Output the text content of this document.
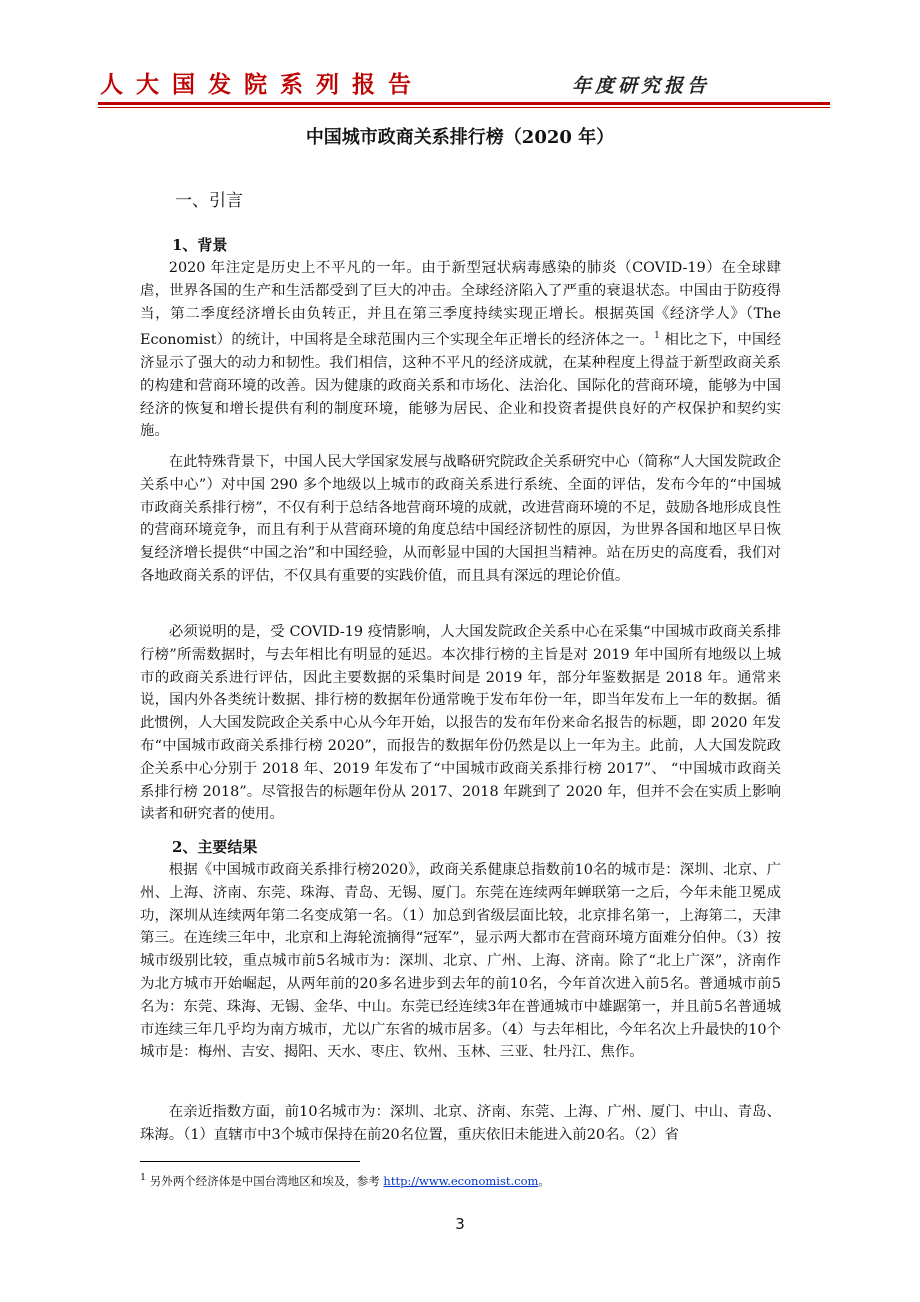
人大国发院系列报告	年度研究报告
中国城市政商关系排行榜（2020 年）
一、引言
1、背景

2020 年注定是历史上不平凡的一年。由于新型冠状病毒感染的肺炎（COVID-19）在全球肆虐，世界各国的生产和生活都受到了巨大的冲击。全球经济陷入了严重的衰退状态。中国由于防疫得当，第二季度经济增长由负转正，并且在第三季度持续实现正增长。根据英国《经济学人》（The Economist）的统计，中国将是全球范围内三个实现全年正增长的经济体之一。$^1$ 相比之下，中国经济显示了强大的动力和韧性。我们相信，这种不平凡的经济成就，在某种程度上得益于新型政商关系的构建和营商环境的改善。因为健康的政商关系和市场化、法治化、国际化的营商环境，能够为中国经济的恢复和增长提供有利的制度环境，能够为居民、企业和投资者提供良好的产权保护和契约实施。

在此特殊背景下，中国人民大学国家发展与战略研究院政企关系研究中心（简称“人大国发院政企关系中心”）对中国 290 多个地级以上城市的政商关系进行系统、全面的评估，发布今年的“中国城市政商关系排行榜”，不仅有利于总结各地营商环境的成就，改进营商环境的不足，鼓励各地形成良性的营商环境竞争，而且有利于从营商环境的角度总结中国经济韧性的原因，为世界各国和地区早日恢复经济增长提供“中国之治”和中国经验，从而彰显中国的大国担当精神。站在历史的高度看，我们对各地政商关系的评估，不仅具有重要的实践价值，而且具有深远的理论价值。

必须说明的是，受 COVID-19 疫情影响，人大国发院政企关系中心在采集“中国城市政商关系排行榜”所需数据时，与去年相比有明显的延迟。本次排行榜的主旨是对 2019 年中国所有地级以上城市的政商关系进行评估，因此主要数据的采集时间是 2019 年，部分年鉴数据是 2018 年。通常来说，国内外各类统计数据、排行榜的数据年份通常晚于发布年份一年，即当年发布上一年的数据。循此惯例，人大国发院政企关系中心从今年开始，以报告的发布年份来命名报告的标题，即 2020 年发布“中国城市政商关系排行榜 2020”，而报告的数据年份仍然是以上一年为主。此前，人大国发院政企关系中心分别于 2018 年、2019 年发布了“中国城市政商关系排行榜 2017”、 “中国城市政商关系排行榜 2018”。尽管报告的标题年份从 2017、2018 年跳到了 2020 年，但并不会在实质上影响读者和研究者的使用。

2、主要结果

根据《中国城市政商关系排行榜2020》，政商关系健康总指数前10名的城市是：深圳、北京、广州、上海、济南、东莞、珠海、青岛、无锡、厦门。东莞在连续两年蝉联第一之后，今年未能卫冕成功，深圳从连续两年第二名变成第一名。（1）加总到省级层面比较，北京排名第一，上海第二，天津第三。在连续三年中，北京和上海轮流摘得“冠军”，显示两大都市在营商环境方面难分伯仲。（3）按城市级别比较，重点城市前5名城市为：深圳、北京、广州、上海、济南。除了“北上广深”，济南作为北方城市开始崛起，从两年前的20多名进步到去年的前10名，今年首次进入前5名。普通城市前5名为：东莞、珠海、无锡、金华、中山。东莞已经连续3年在普通城市中雄踞第一，并且前5名普通城市连续三年几乎均为南方城市，尤以广东省的城市居多。（4）与去年相比，今年名次上升最快的10个城市是：梅州、吉安、揭阳、天水、枣庄、钦州、玉林、三亚、牡丹江、焦作。

在亲近指数方面，前10名城市为：深圳、北京、济南、东莞、上海、广州、厦门、中山、青岛、珠海。（1）直辖市中3个城市保持在前20名位置，重庆依旧未能进入前20名。（2）省

$^1$ 另外两个经济体是中国台湾地区和埃及，参考 http://www.economist.com。
3
